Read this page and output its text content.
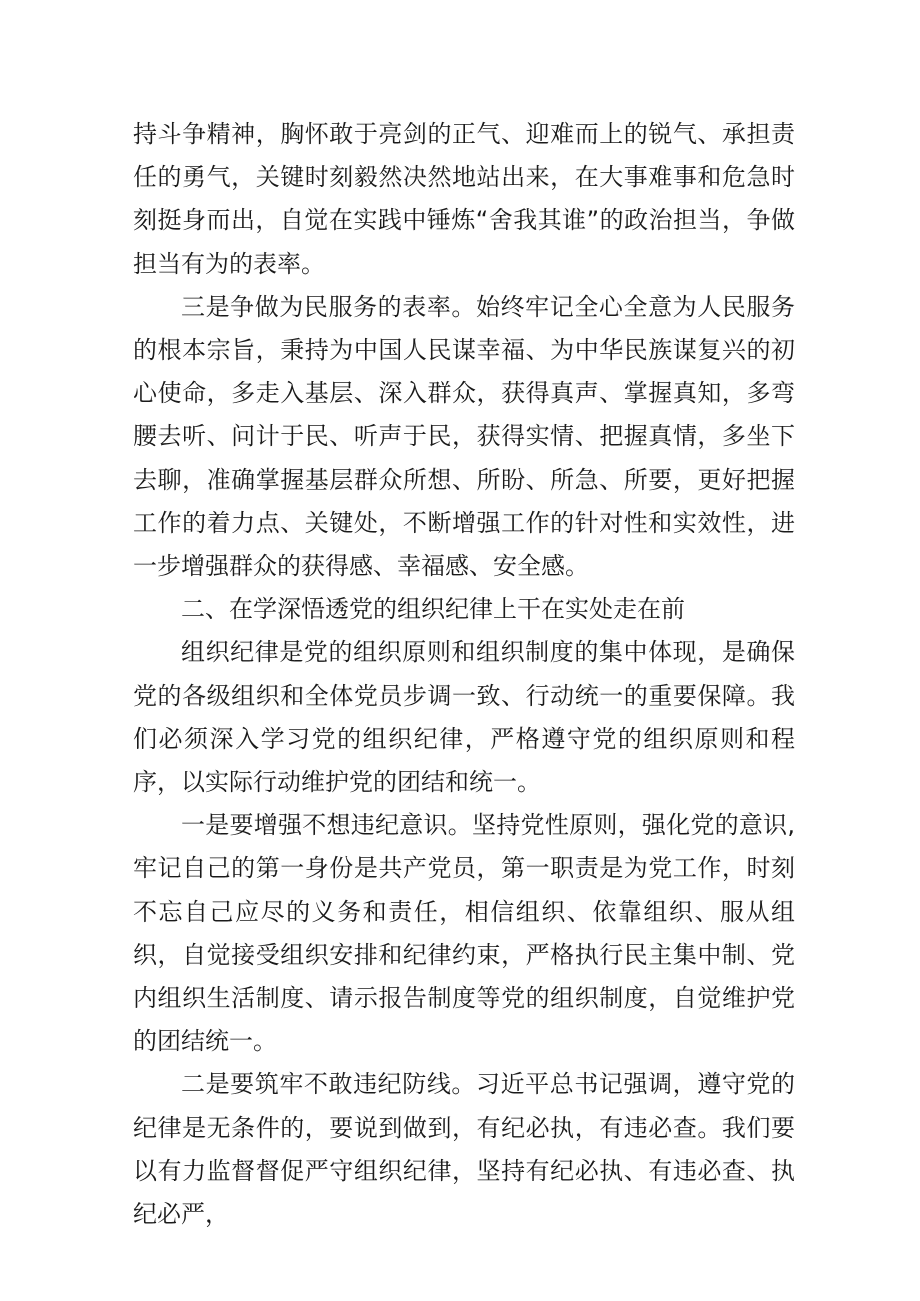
持斗争精神，胸怀敢于亮剑的正气、迎难而上的锐气、承担责任的勇气，关键时刻毅然决然地站出来，在大事难事和危急时刻挺身而出，自觉在实践中锤炼“舍我其谁”的政治担当，争做担当有为的表率。

三是争做为民服务的表率。始终牢记全心全意为人民服务的根本宗旨，秉持为中国人民谋幸福、为中华民族谋复兴的初心使命，多走入基层、深入群众，获得真声、掌握真知，多弯腰去听、问计于民、听声于民，获得实情、把握真情，多坐下去聊，准确掌握基层群众所想、所盼、所急、所要，更好把握工作的着力点、关键处，不断增强工作的针对性和实效性，进一步增强群众的获得感、幸福感、安全感。

二、在学深悟透党的组织纪律上干在实处走在前

组织纪律是党的组织原则和组织制度的集中体现，是确保党的各级组织和全体党员步调一致、行动统一的重要保障。我们必须深入学习党的组织纪律，严格遵守党的组织原则和程序，以实际行动维护党的团结和统一。

一是要增强不想违纪意识。坚持党性原则，强化党的意识,牢记自己的第一身份是共产党员，第一职责是为党工作，时刻不忘自己应尽的义务和责任，相信组织、依靠组织、服从组织，自觉接受组织安排和纪律约束，严格执行民主集中制、党内组织生活制度、请示报告制度等党的组织制度，自觉维护党的团结统一。

二是要筑牢不敢违纪防线。习近平总书记强调，遵守党的纪律是无条件的，要说到做到，有纪必执，有违必查。我们要以有力监督督促严守组织纪律，坚持有纪必执、有违必查、执纪必严，
